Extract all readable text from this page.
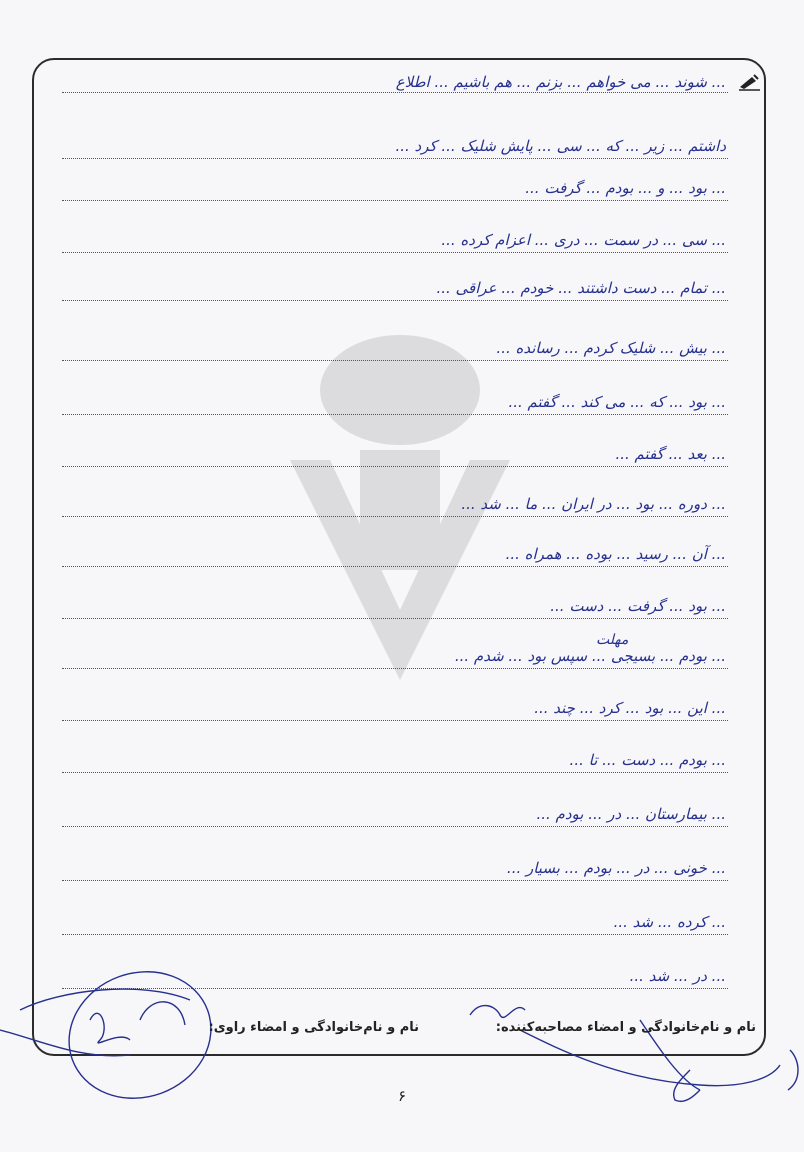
... شوند ... می خواهم ... بزنم ... هم باشیم ... اطلاع
داشتم ... زیر ... که ... سی ... پایش شلیک ... کرد ...
... بود ... و ... بودم ... گرفت ...
... سی ... در سمت ... دری ... اعزام کرده ...
... تمام ... دست داشتند ... خودم ... عراقی ...
... بیش ... شلیک کردم ... رسانده ...
... بود ... که ... می کند ... گفتم ...
... بعد ... گفتم ...
... دوره ... بود ... در ایران ... ما ... شد ...
... آن ... رسید ... بوده ... همراه ...
... بود ... گرفت ... دست ...
... بودم ... بسیجی ... سپس بود ... شدم ...
... این ... بود ... کرد ... چند ...
... بودم ... دست ... تا ...
... بیمارستان ... در ... بودم ...
... خونی ... در ... بودم ... بسیار ...
... کرده ... شد ...
... در ... شد ...
مهلت
نام و نام‌خانوادگی و امضاء مصاحبه‌کننده:
نام و نام‌خانوادگی و امضاء راوی:
۶
